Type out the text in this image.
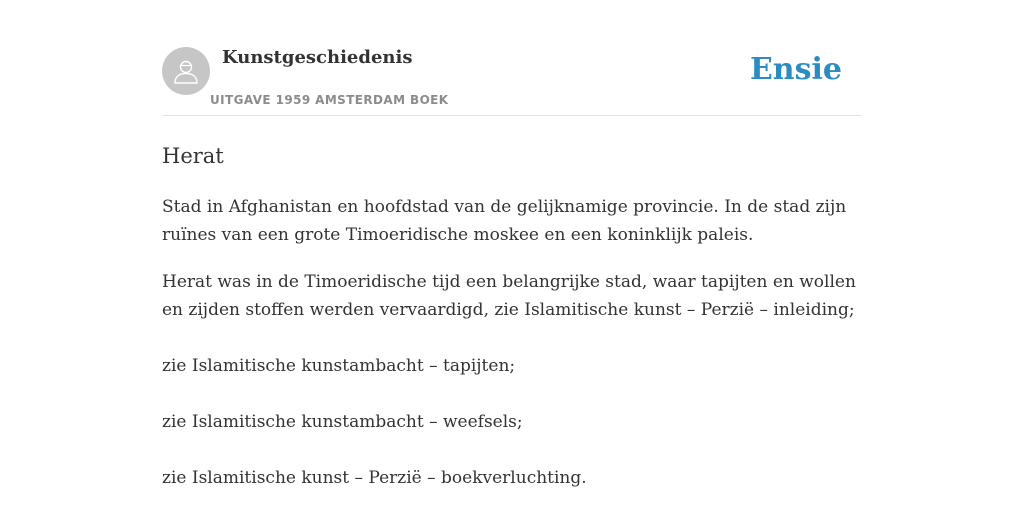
Kunstgeschiedenis
UITGAVE 1959 AMSTERDAM BOEK
Ensie
Herat

Stad in Afghanistan en hoofdstad van de gelijknamige provincie. In de stad zijn ruïnes van een grote Timoeridische moskee en een koninklijk paleis.

Herat was in de Timoeridische tijd een belangrijke stad, waar tapijten en wollen en zijden stoffen werden vervaardigd, zie Islamitische kunst – Perzië – inleiding;
zie Islamitische kunstambacht – tapijten;
zie Islamitische kunstambacht – weefsels;
zie Islamitische kunst – Perzië – boekverluchting.
